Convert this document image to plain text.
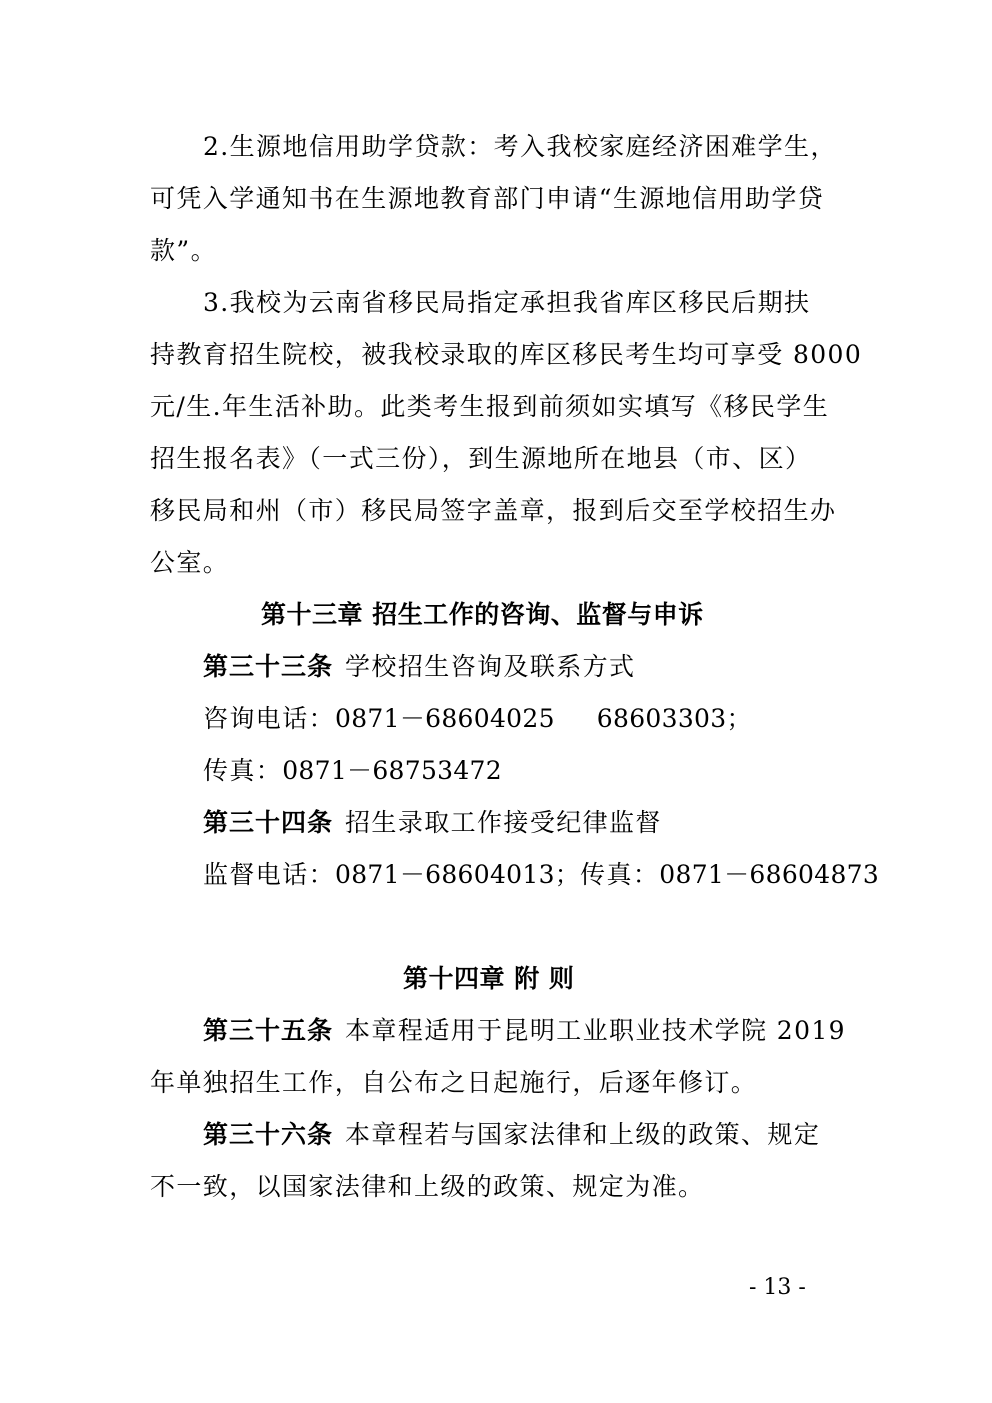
2.生源地信用助学贷款：考入我校家庭经济困难学生，
可凭入学通知书在生源地教育部门申请“生源地信用助学贷
款”。
3.我校为云南省移民局指定承担我省库区移民后期扶
持教育招生院校，被我校录取的库区移民考生均可享受 8000
元/生.年生活补助。此类考生报到前须如实填写《移民学生
招生报名表》（一式三份），到生源地所在地县（市、区）
移民局和州（市）移民局签字盖章，报到后交至学校招生办
公室。
第十三章 招生工作的咨询、监督与申诉
第三十三条 学校招生咨询及联系方式
咨询电话：0871－68604025 68603303；
传真：0871－68753472
第三十四条 招生录取工作接受纪律监督
监督电话：0871－68604013；传真：0871－68604873
第十四章 附 则
第三十五条 本章程适用于昆明工业职业技术学院 2019
年单独招生工作，自公布之日起施行，后逐年修订。
第三十六条 本章程若与国家法律和上级的政策、规定
不一致，以国家法律和上级的政策、规定为准。
- 13 -
